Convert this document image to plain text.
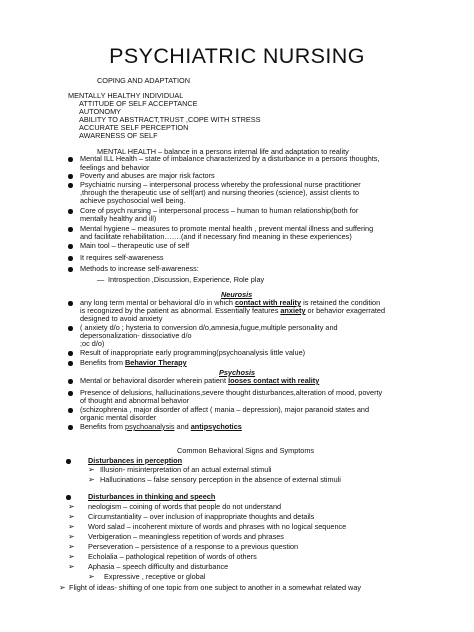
PSYCHIATRIC NURSING
COPING AND ADAPTATION
MENTALLY HEALTHY INDIVIDUAL
ATTITUDE OF SELF ACCEPTANCE
AUTONOMY
ABILITY TO ABSTRACT,TRUST ,COPE WITH STRESS
ACCURATE SELF PERCEPTION
AWARENESS OF SELF
MENTAL HEALTH – balance in a persons internal life and adaptation to reality
Mental ILL Health – state of imbalance characterized by a disturbance in a persons thoughts,
feelings and behavior
Poverty and abuses are major risk factors
Psychiatric nursing – interpersonal process whereby the professional nurse practitioner
,through the therapeutic use of self(art) and nursing theories (science), assist clients to
achieve psychosocial well being.
Core of psych nursing – interpersonal process – human to human relationship(both for
mentally healthy and ill)
Mental hygiene – measures to promote mental health , prevent mental illness and suffering
and facilitate rehabilitation…….(and if necessary find meaning in these experiences)
Main tool – therapeutic use of self
It requires self-awareness
Methods to increase self-awareness:
— Introspection ,Discussion, Experience, Role play
Neurosis
any long term mental or behavioral d/o in which contact with reality is retained the condition
is recognized by the patient as abnormal. Essentially features anxiety or behavior exagerrated
designed to avoid anxiety
( anxiety d/o ; hysteria to conversion d/o,amnesia,fugue,multiple personality and
depersonalization- dissociative d/o
;oc d/o)
Result of inappropriate early programming(psychoanalysis little value)
Benefits from Behavior Therapy
Psychosis
Mental or behavioral disorder wherein patient looses contact with reality
Presence of delusions, hallucinations,severe thought disturbances,alteration of mood, poverty
of thought and abnormal behavior
(schizophrenia , major disorder of affect ( mania – depression), major paranoid states and
organic mental disorder
Benefits from psychoanalysis and antipsychotics
Common Behavioral Signs and Symptoms
Disturbances in perception
➢ Illusion- misinterpretation of an actual external stimuli
➢ Hallucinations – false sensory perception in the absence of external stimuli
Disturbances in thinking and speech
➢ neologism – coining of words that people do not understand
➢ Circumstantiality – over inclusion of inappropriate thoughts and details
➢ Word salad – incoherent mixture of words and phrases with no logical sequence
➢ Verbigeration – meaningless repetition of words and phrases
➢ Perseveration – persistence of a response to a previous question
➢ Echolalia – pathological repetition of words of others
➢ Aphasia – speech difficulty and disturbance
➢ Expressive , receptive or global
➢ Flight of ideas- shifting of one topic from one subject to another in a somewhat related way
